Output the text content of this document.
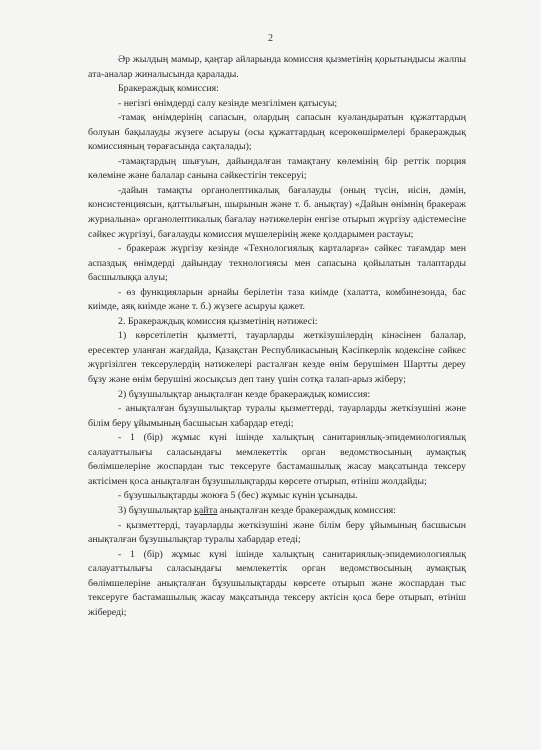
2

Әр жылдың мамыр, қаңтар айларында комиссия қызметінің қорытындысы жалпы ата-аналар жиналысында қаралады.

Бракераждық комиссия:

- негізгі өнімдерді салу кезінде мезгілімен қатысуы;

-тамақ өнімдерінің сапасын, олардың сапасын куәландыратын құжаттардың болуын бақылауды жүзеге асыруы (осы құжаттардың ксерокөшірмелері бракераждық комиссияның төрағасында сақталады);

-тамақтардың шығуын, дайындалған тамақтану көлемінің бір реттік порция көлеміне және балалар санына сәйкестігін тексеруі;

-дайын тамақты органолептикалық бағалауды (оның түсін, иісін, дәмін, консистенциясын, қаттылығын, шырынын және т. б. анықтау) «Дайын өнімнің бракераж журналына» органолептикалық бағалау нәтижелерін енгізе отырып жүргізу әдістемесіне сәйкес жүргізуі, бағалауды комиссия мүшелерінің жеке қолдарымен растауы;

- бракераж жүргізу кезінде «Технологиялық карталарға» сәйкес тағамдар мен аспаздық өнімдерді дайындау технологиясы мен сапасына қойылатын талаптарды басшылыққа алуы;

- өз функцияларын арнайы берілетін таза киімде (халатта, комбинезонда, бас киімде, аяқ киімде және т. б.) жүзеге асыруы қажет.

2. Бракераждық комиссия қызметінің нәтижесі:

1) көрсетілетін қызметті, тауарларды жеткізушілердің кінәсінен балалар, ересектер уланған жағдайда, Қазақстан Республикасының Кәсіпкерлік кодексіне сәйкес жүргізілген тексерулердің нәтижелері расталған кезде өнім берушімен Шартты дереу бұзу және өнім берушіні жосықсыз деп тану үшін сотқа талап-арыз жіберу;

2) бұзушылықтар анықталған кезде бракераждық комиссия:

- анықталған бұзушылықтар туралы қызметтерді, тауарларды жеткізушіні және білім беру ұйымының басшысын хабардар етеді;

- 1 (бір) жұмыс күні ішінде халықтың санитариялық-эпидемиологиялық салауаттылығы саласындағы мемлекеттік орган ведомствосының аумақтық бөлімшелеріне жоспардан тыс тексеруге бастамашылық жасау мақсатында тексеру актісімен қоса анықталған бұзушылықтарды көрсете отырып, өтініш жолдайды;

- бұзушылықтарды жоюға 5 (бес) жұмыс күнін ұсынады.

3) бұзушылықтар қайта анықталған кезде бракераждық комиссия:

- қызметтерді, тауарларды жеткізушіні және білім беру ұйымының басшысын анықталған бұзушылықтар туралы хабардар етеді;

- 1 (бір) жұмыс күні ішінде халықтың санитариялық-эпидемиологиялық салауаттылығы саласындағы мемлекеттік орган ведомствосының аумақтық бөлімшелеріне анықталған бұзушылықтарды көрсете отырып және жоспардан тыс тексеруге бастамашылық жасау мақсатында тексеру актісін қоса бере отырып, өтініш жібереді;
